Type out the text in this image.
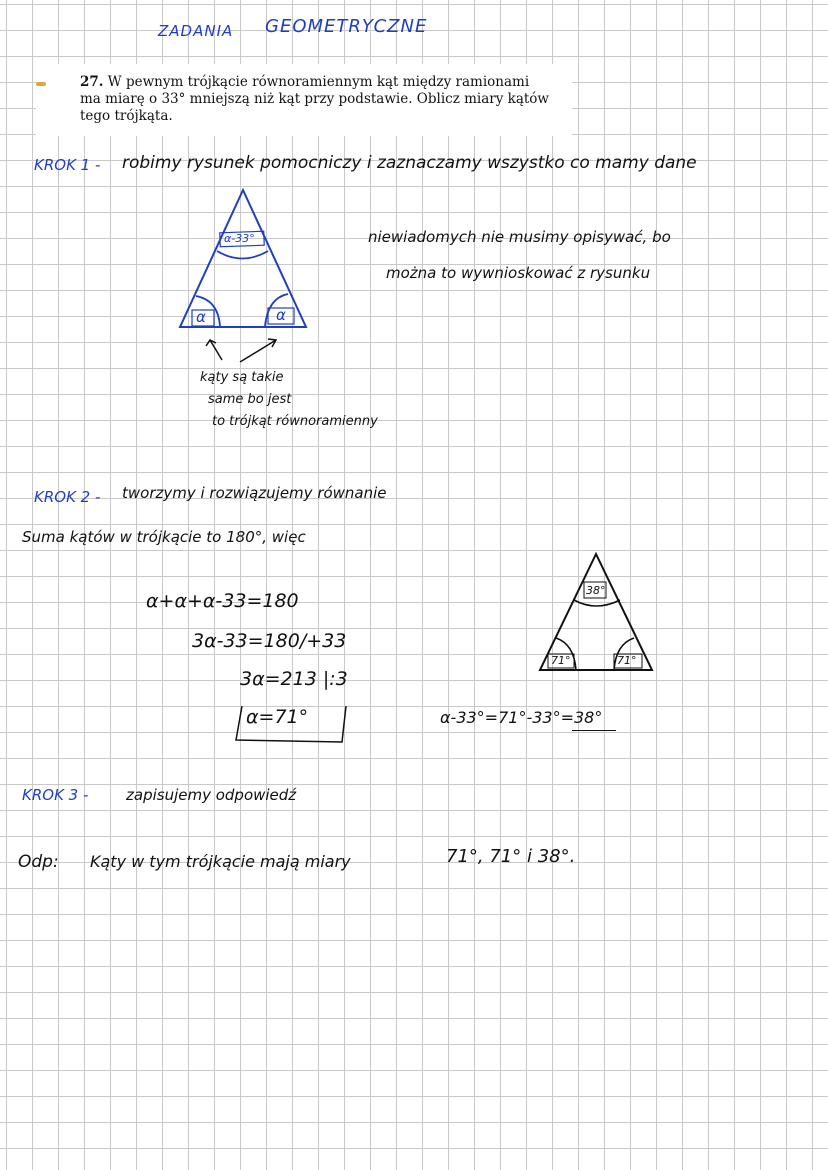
ZADANIA GEOMETRYCZNE
27. W pewnym trójkącie równoramiennym kąt między ramionami ma miarę o 33° mniejszą niż kąt przy podstawie. Oblicz miary kątów tego trójkąta.
KROK 1 - robimy rysunek pomocniczy i zaznaczamy wszystko co mamy dane
niewiadomych nie musimy opisywać, bo
można to wywnioskować z rysunku
α-33°
α	α
kąty są takie
same bo jest
to trójkąt równoramienny
KROK 2 - tworzymy i rozwiązujemy równanie
Suma kątów w trójkącie to 180°, więc
α+α+α-33=180
3α-33=180/+33
3α=213 |:3
α=71°
38°
71°	71°
α-33°=71°-33°=38°
KROK 3 -	zapisujemy odpowiedź
Odp: Kąty w tym trójkącie mają miary	71°, 71° i 38°.
